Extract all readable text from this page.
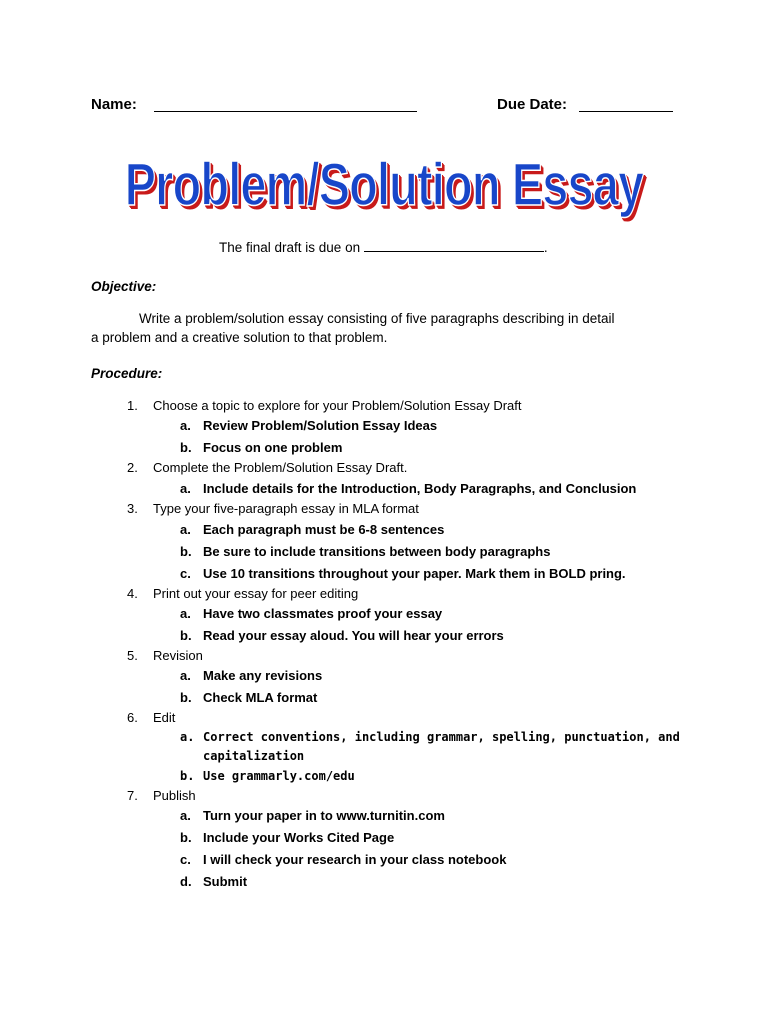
Name:	Due Date:
Problem/Solution Essay
The final draft is due on	.
Objective:
Write a problem/solution essay consisting of five paragraphs describing in detail
a problem and a creative solution to that problem.
Procedure:
1. Choose a topic to explore for your Problem/Solution Essay Draft
a. Review Problem/Solution Essay Ideas
b. Focus on one problem
2. Complete the Problem/Solution Essay Draft.
a. Include details for the Introduction, Body Paragraphs, and Conclusion
3. Type your five-paragraph essay in MLA format
a. Each paragraph must be 6-8 sentences
b. Be sure to include transitions between body paragraphs
c. Use 10 transitions throughout your paper. Mark them in BOLD pring.
4. Print out your essay for peer editing
a. Have two classmates proof your essay
b. Read your essay aloud. You will hear your errors
5. Revision
a. Make any revisions
b. Check MLA format
6. Edit
a. Correct conventions, including grammar, spelling, punctuation, and
capitalization
b. Use grammarly.com/edu
7. Publish
a. Turn your paper in to www.turnitin.com
b. Include your Works Cited Page
c. I will check your research in your class notebook
d. Submit
